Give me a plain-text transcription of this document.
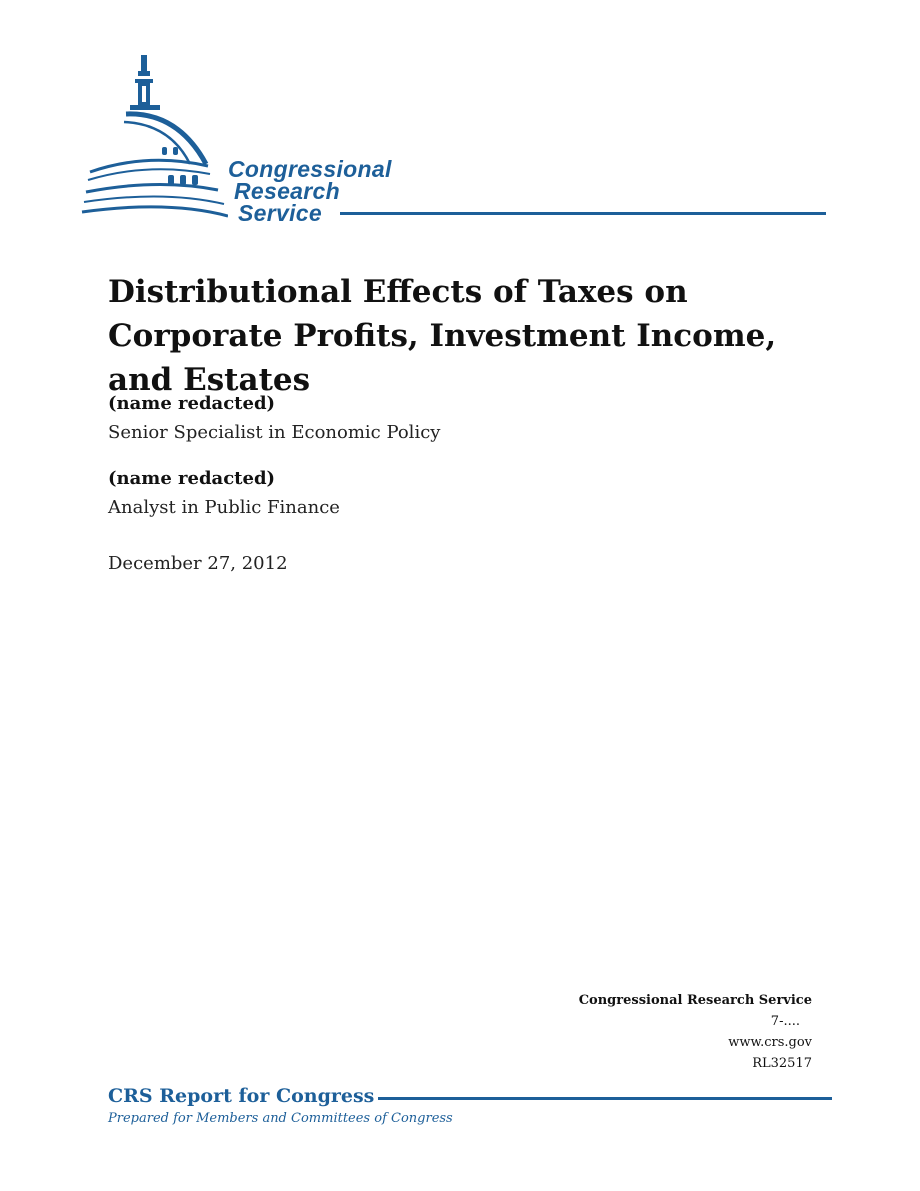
Congressional
Research
Service
Distributional Effects of Taxes on Corporate Profits, Investment Income, and Estates
(name redacted)
Senior Specialist in Economic Policy
(name redacted)
Analyst in Public Finance
December 27, 2012
Congressional Research Service
7-....
www.crs.gov
RL32517
CRS Report for Congress
Prepared for Members and Committees of Congress
